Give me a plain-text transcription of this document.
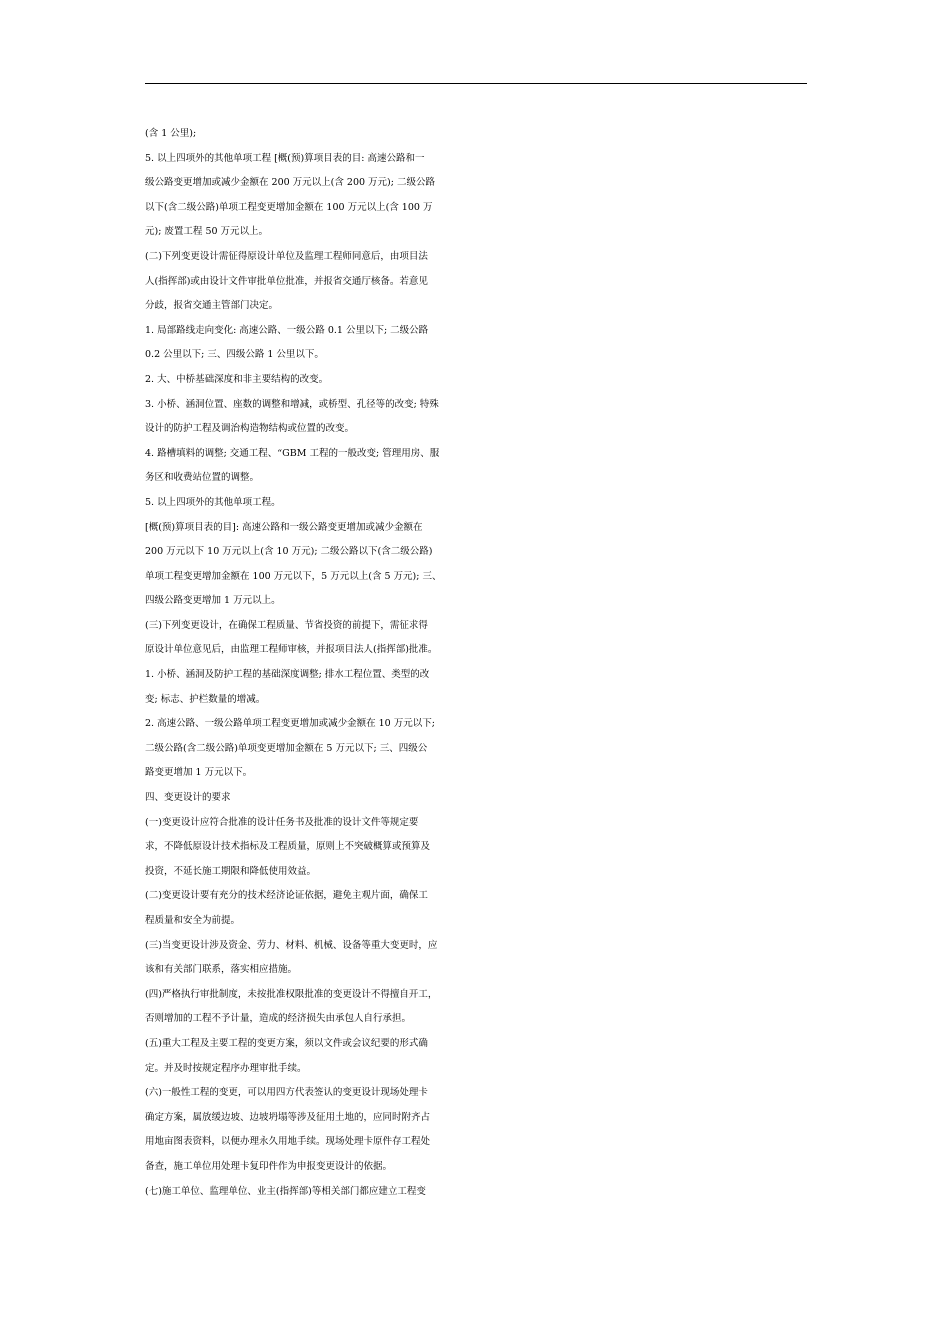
(含 1 公里);
5. 以上四项外的其他单项工程 [概(预)算项目表的目: 高速公路和一
级公路变更增加或减少金额在 200 万元以上(含 200 万元); 二级公路
以下(含二级公路)单项工程变更增加金额在 100 万元以上(含 100 万
元); 废置工程 50 万元以上。
(二)下列变更设计需征得原设计单位及监理工程师同意后，由项目法
人(指挥部)或由设计文件审批单位批准，并报省交通厅核备。若意见
分歧，报省交通主管部门决定。
1. 局部路线走向变化: 高速公路、一级公路 0.1 公里以下; 二级公路
0.2 公里以下; 三、四级公路 1 公里以下。
2. 大、中桥基础深度和非主要结构的改变。
3. 小桥、涵洞位置、座数的调整和增减，或桥型、孔径等的改变; 特殊
设计的防护工程及调治构造物结构或位置的改变。
4. 路槽填料的调整; 交通工程、“GBM 工程的一般改变; 管理用房、服
务区和收费站位置的调整。
5. 以上四项外的其他单项工程。
[概(预)算项目表的目]: 高速公路和一级公路变更增加或减少金额在
200 万元以下 10 万元以上(含 10 万元); 二级公路以下(含二级公路)
单项工程变更增加金额在 100 万元以下，5 万元以上(含 5 万元); 三、
四级公路变更增加 1 万元以上。
(三)下列变更设计，在确保工程质量、节省投资的前提下，需征求得
原设计单位意见后，由监理工程师审核，并报项目法人(指挥部)批准。
1. 小桥、涵洞及防护工程的基础深度调整; 排水工程位置、类型的改
变; 标志、护栏数量的增减。
2. 高速公路、一级公路单项工程变更增加或减少金额在 10 万元以下;
二级公路(含二级公路)单项变更增加金额在 5 万元以下; 三、四级公
路变更增加 1 万元以下。
四、变更设计的要求
(一)变更设计应符合批准的设计任务书及批准的设计文件等规定要
求，不降低原设计技术指标及工程质量，原则上不突破概算或预算及
投资，不延长施工期限和降低使用效益。
(二)变更设计要有充分的技术经济论证依据，避免主观片面，确保工
程质量和安全为前提。
(三)当变更设计涉及资金、劳力、材料、机械、设备等重大变更时，应
该和有关部门联系，落实相应措施。
(四)严格执行审批制度，未按批准权限批准的变更设计不得擅自开工，
否则增加的工程不予计量，造成的经济损失由承包人自行承担。
(五)重大工程及主要工程的变更方案，须以文件或会议纪要的形式确
定。并及时按规定程序办理审批手续。
(六)一般性工程的变更，可以用四方代表签认的变更设计现场处理卡
确定方案，属放缓边坡、边坡坍塌等涉及征用土地的，应同时附齐占
用地亩图表资料，以便办理永久用地手续。现场处理卡原件存工程处
备查，施工单位用处理卡复印件作为申报变更设计的依据。
(七)施工单位、监理单位、业主(指挥部)等相关部门都应建立工程变
